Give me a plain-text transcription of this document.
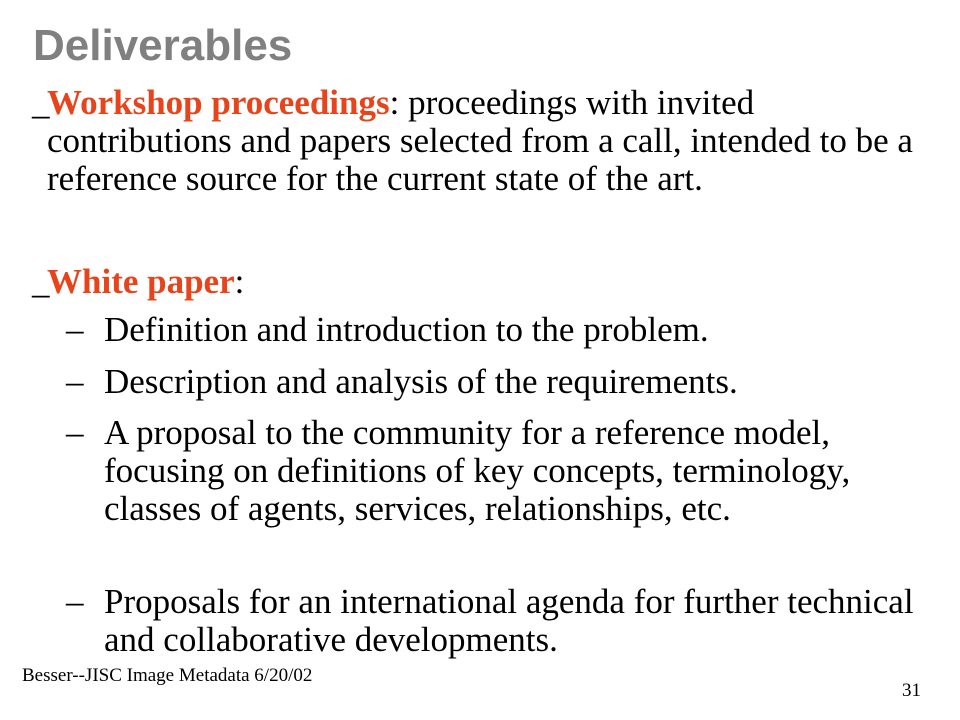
Deliverables
_
Workshop proceedings: proceedings with invited contributions and papers selected from a call, intended to be a reference source for the current state of the art.
_
White paper:
– Definition and introduction to the problem.
– Description and analysis of the requirements.
– A proposal to the community for a reference model, focusing on definitions of key concepts, terminology, classes of agents, services, relationships, etc.
– Proposals for an international agenda for further technical and collaborative developments.
Besser--JISC Image Metadata 6/20/02
31
